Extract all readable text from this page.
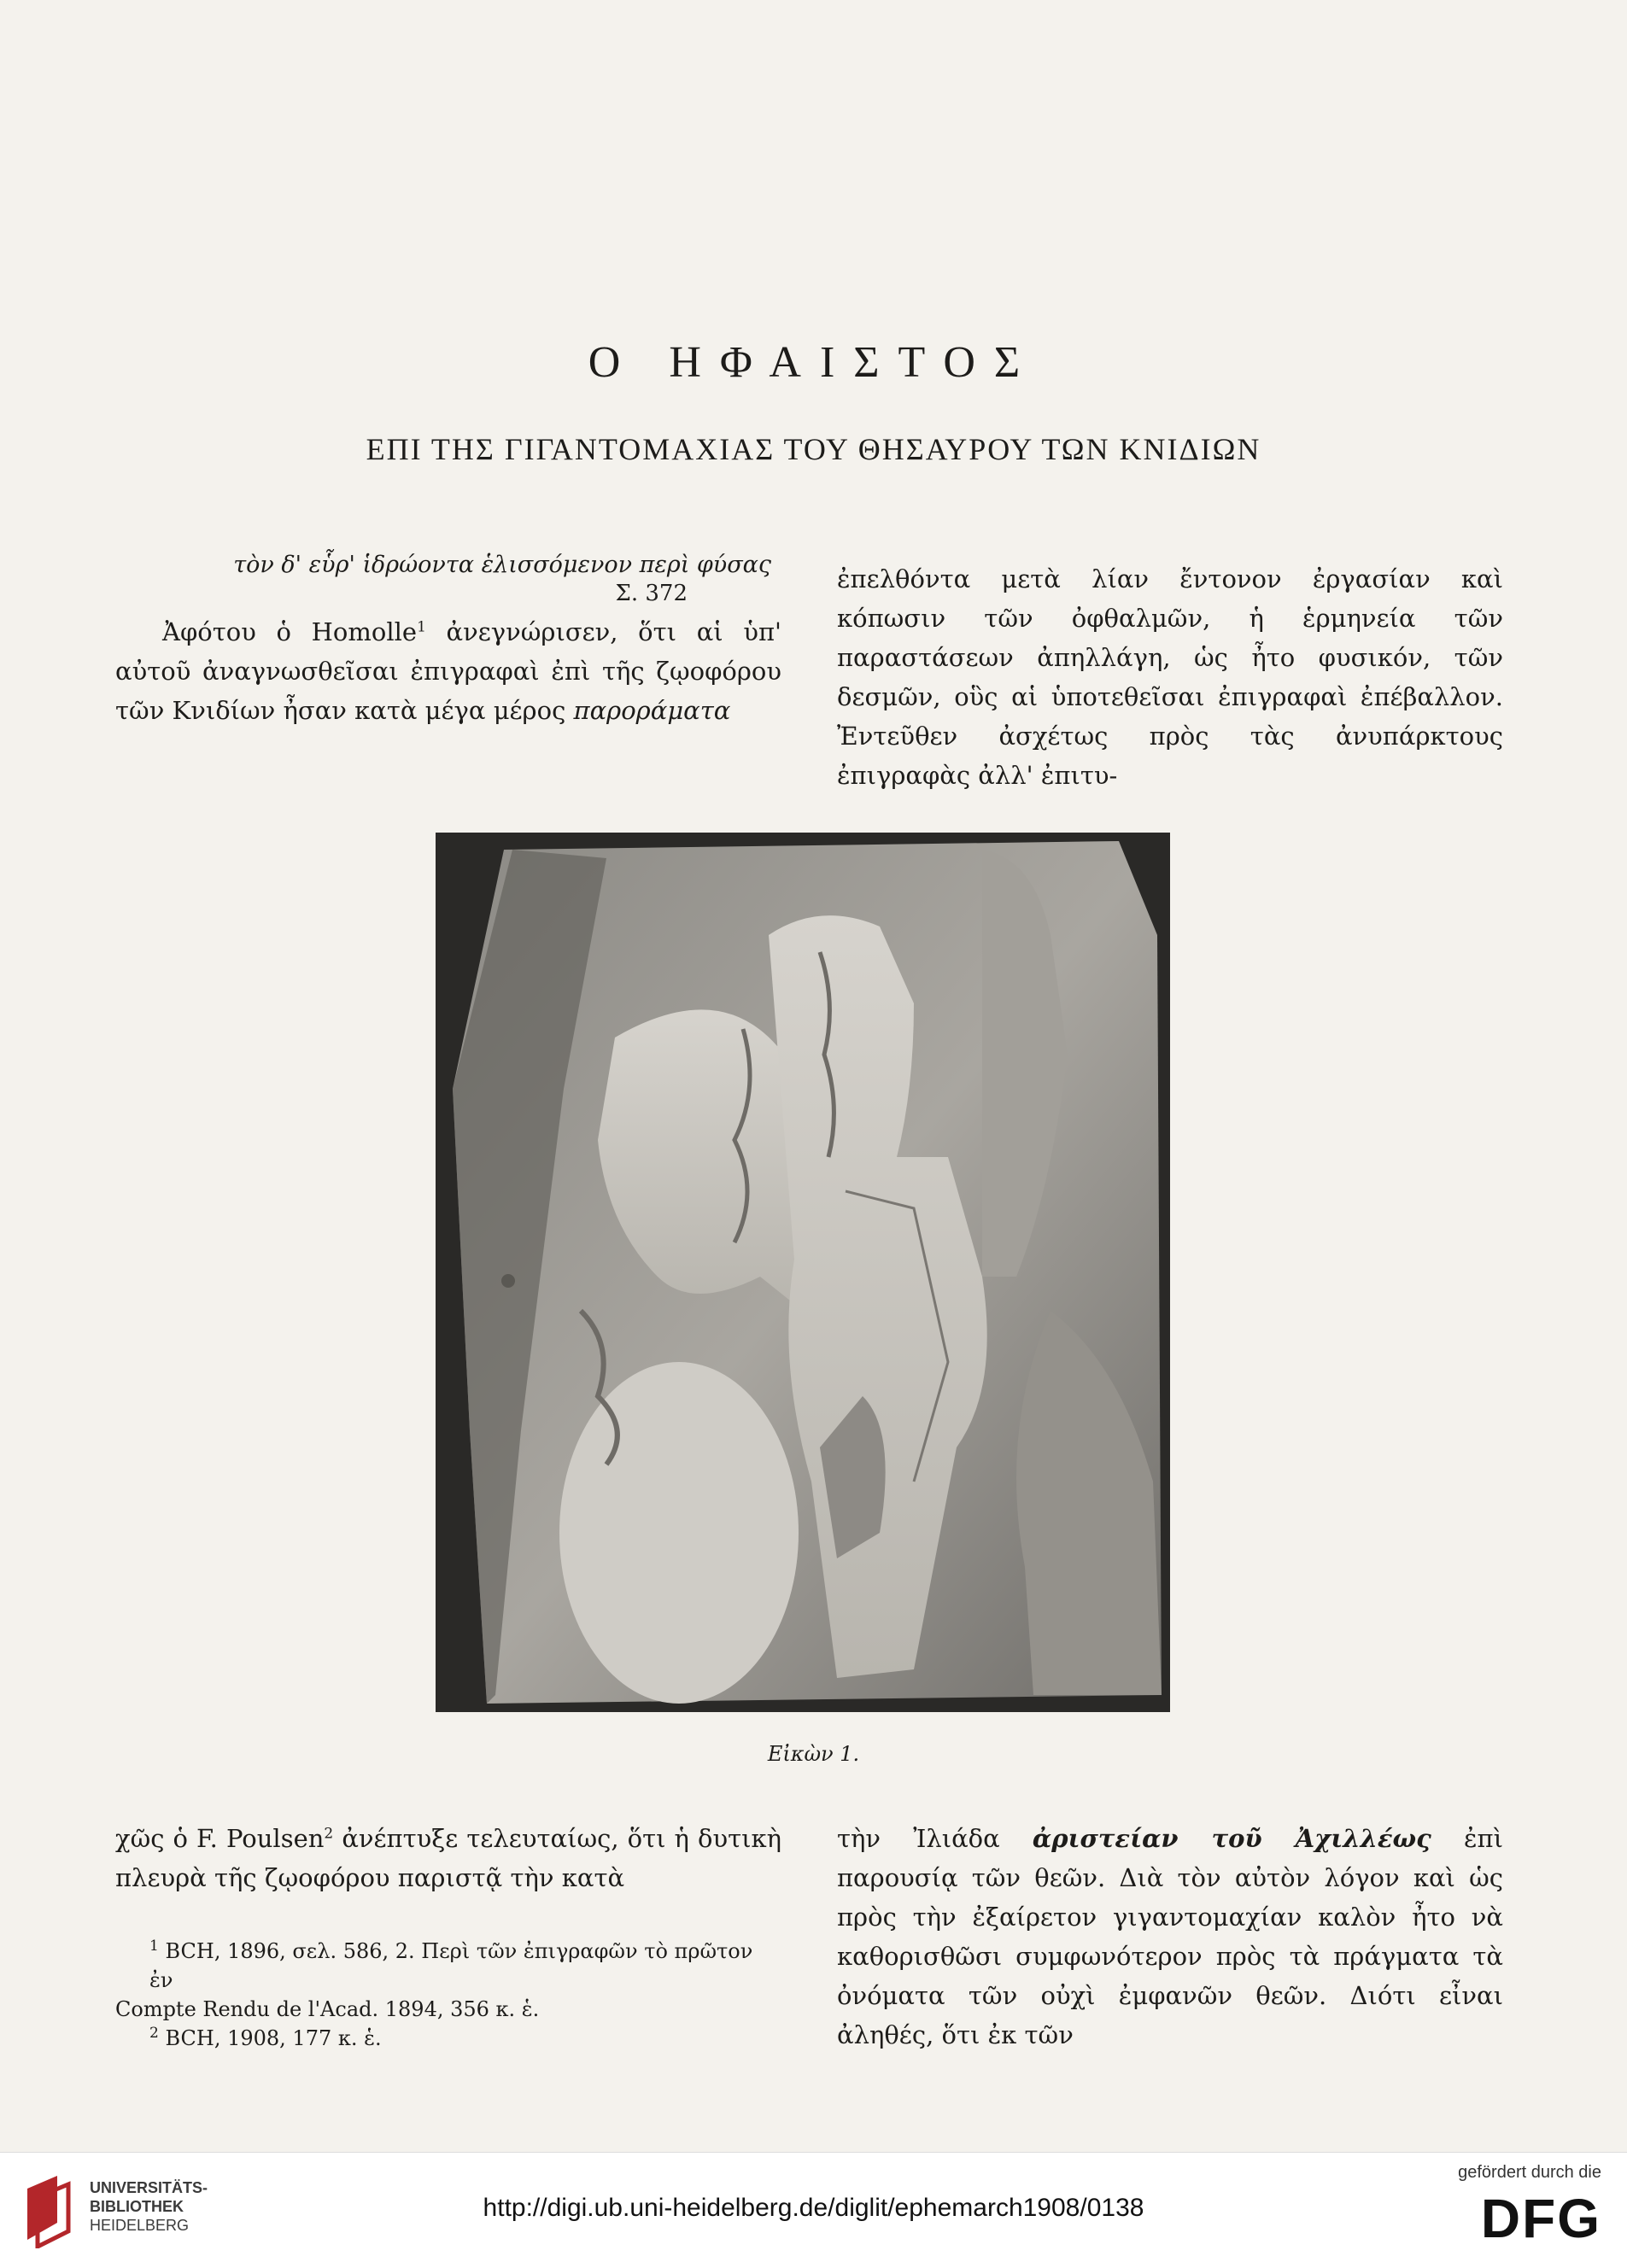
Ο ΗΦΑΙΣΤΟΣ
ΕΠΙ ΤΗΣ ΓΙΓΑΝΤΟΜΑΧΙΑΣ ΤΟΥ ΘΗΣΑΥΡΟΥ ΤΩΝ ΚΝΙΔΙΩΝ
τὸν δ' εὗρ' ἱδρώοντα ἑλισσόμενον περὶ φύσας
Σ. 372

Ἀφότου ὁ Homolle$^1$ ἀνεγνώρισεν, ὅτι αἱ ὑπ' αὐτοῦ ἀναγνωσθεῖσαι ἐπιγραφαὶ ἐπὶ τῆς ζῳοφόρου τῶν Κνιδίων ἦσαν κατὰ μέγα μέρος παροράματα

ἐπελθόντα μετὰ λίαν ἔντονον ἐργασίαν καὶ κόπωσιν τῶν ὀφθαλμῶν, ἡ ἑρμηνεία τῶν παραστάσεων ἀπηλλάγη, ὡς ἦτο φυσικόν, τῶν δεσμῶν, οὓς αἱ ὑποτεθεῖσαι ἐπιγραφαὶ ἐπέβαλλον. Ἐντεῦθεν ἀσχέτως πρὸς τὰς ἀνυπάρκτους ἐπιγραφὰς ἀλλ' ἐπιτυ-

Εἰκὼν 1.

χῶς ὁ F. Poulsen$^2$ ἀνέπτυξε τελευταίως, ὅτι ἡ δυτικὴ πλευρὰ τῆς ζῳοφόρου παριστᾷ τὴν κατὰ

$^1$ BCH, 1896, σελ. 586, 2. Περὶ τῶν ἐπιγραφῶν τὸ πρῶτον ἐν

Compte Rendu de l'Acad. 1894, 356 κ. ἑ.

$^2$ BCH, 1908, 177 κ. ἑ.

τὴν Ἰλιάδα ἀριστείαν τοῦ Ἀχιλλέως ἐπὶ παρουσίᾳ τῶν θεῶν. Διὰ τὸν αὐτὸν λόγον καὶ ὡς πρὸς τὴν ἐξαίρετον γιγαντομαχίαν καλὸν ἦτο νὰ καθορισθῶσι συμφωνότερον πρὸς τὰ πράγματα τὰ ὀνόματα τῶν οὐχὶ ἐμφανῶν θεῶν. Διότι εἶναι ἀληθές, ὅτι ἐκ τῶν

UNIVERSITÄTS-
BIBLIOTHEK
HEIDELBERG
http://digi.ub.uni-heidelberg.de/diglit/ephemarch1908/0138
gefördert durch die
DFG
